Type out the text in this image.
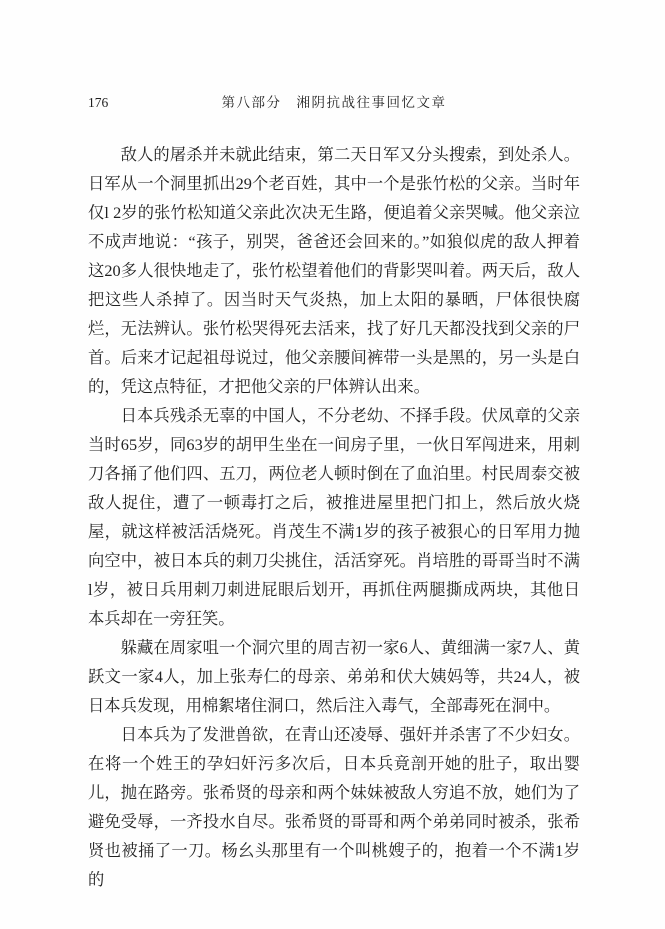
176	第八部分　湘阴抗战往事回忆文章

敌人的屠杀并未就此结束，第二天日军又分头搜索，到处杀人。日军从一个洞里抓出29个老百姓，其中一个是张竹松的父亲。当时年仅l 2岁的张竹松知道父亲此次决无生路，便追着父亲哭喊。他父亲泣不成声地说：“孩子，别哭，爸爸还会回来的。”如狼似虎的敌人押着这20多人很快地走了，张竹松望着他们的背影哭叫着。两天后，敌人把这些人杀掉了。因当时天气炎热，加上太阳的暴晒，尸体很快腐烂，无法辨认。张竹松哭得死去活来，找了好几天都没找到父亲的尸首。后来才记起祖母说过，他父亲腰间裤带一头是黑的，另一头是白的，凭这点特征，才把他父亲的尸体辨认出来。

日本兵残杀无辜的中国人，不分老幼、不择手段。伏凤章的父亲当时65岁，同63岁的胡甲生坐在一间房子里，一伙日军闯进来，用刺刀各捅了他们四、五刀，两位老人顿时倒在了血泊里。村民周泰交被敌人捉住，遭了一顿毒打之后，被推进屋里把门扣上，然后放火烧屋，就这样被活活烧死。肖茂生不满1岁的孩子被狠心的日军用力抛向空中，被日本兵的刺刀尖挑住，活活穿死。肖培胜的哥哥当时不满l岁，被日兵用刺刀刺进屁眼后划开，再抓住两腿撕成两块，其他日本兵却在一旁狂笑。

躲藏在周家咀一个洞穴里的周吉初一家6人、黄细满一家7人、黄跃文一家4人，加上张寿仁的母亲、弟弟和伏大姨妈等，共24人，被日本兵发现，用棉絮堵住洞口，然后注入毒气，全部毒死在洞中。

日本兵为了发泄兽欲，在青山还凌辱、强奸并杀害了不少妇女。在将一个姓王的孕妇奸污多次后，日本兵竟剖开她的肚子，取出婴儿，抛在路旁。张希贤的母亲和两个妹妹被敌人穷追不放，她们为了避免受辱，一齐投水自尽。张希贤的哥哥和两个弟弟同时被杀，张希贤也被捅了一刀。杨幺头那里有一个叫桃嫂子的，抱着一个不满1岁的
